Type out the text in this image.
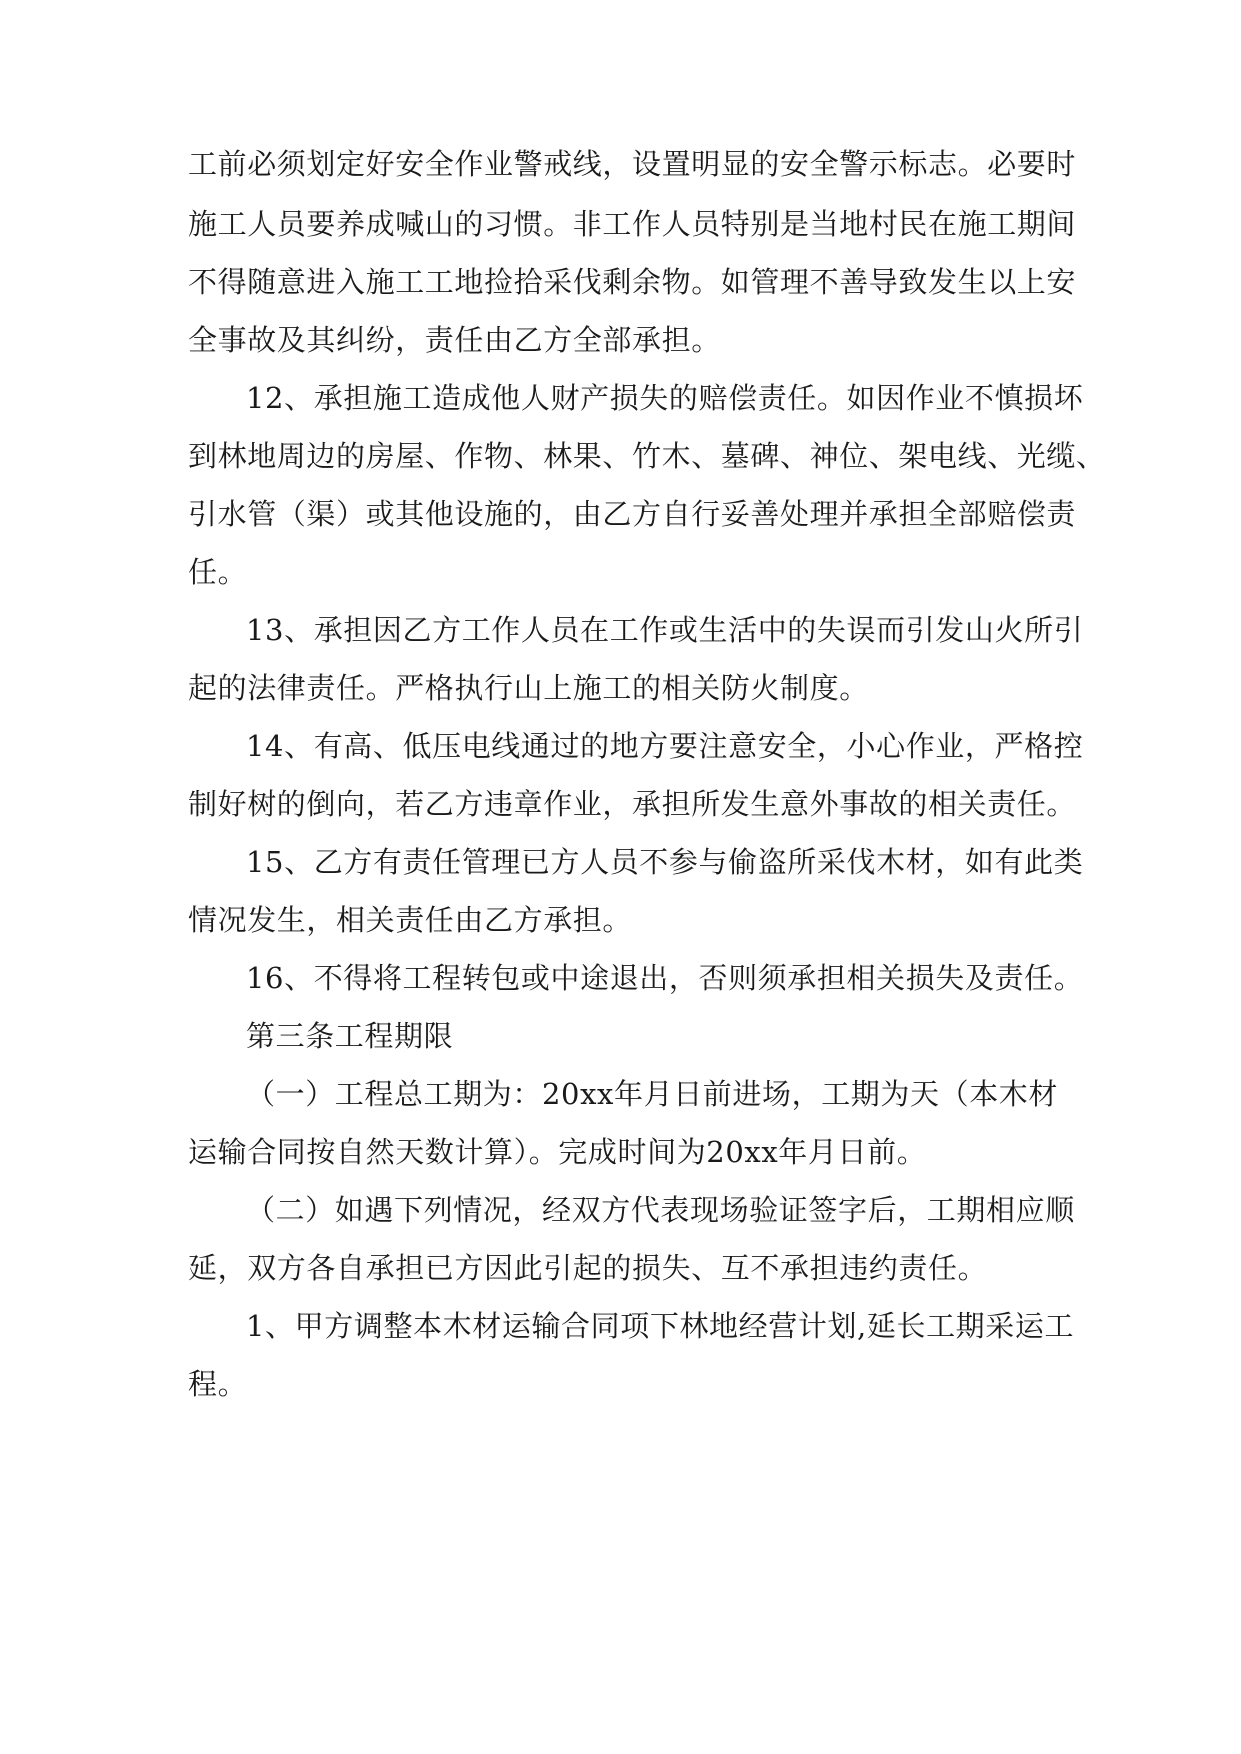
工前必须划定好安全作业警戒线，设置明显的安全警示标志。必要时
施工人员要养成喊山的习惯。非工作人员特别是当地村民在施工期间
不得随意进入施工工地捡拾采伐剩余物。如管理不善导致发生以上安
全事故及其纠纷，责任由乙方全部承担。
12、承担施工造成他人财产损失的赔偿责任。如因作业不慎损坏
到林地周边的房屋、作物、林果、竹木、墓碑、神位、架电线、光缆、
引水管（渠）或其他设施的，由乙方自行妥善处理并承担全部赔偿责
任。
13、承担因乙方工作人员在工作或生活中的失误而引发山火所引
起的法律责任。严格执行山上施工的相关防火制度。
14、有高、低压电线通过的地方要注意安全，小心作业，严格控
制好树的倒向，若乙方违章作业，承担所发生意外事故的相关责任。
15、乙方有责任管理已方人员不参与偷盗所采伐木材，如有此类
情况发生，相关责任由乙方承担。
16、不得将工程转包或中途退出，否则须承担相关损失及责任。
第三条工程期限
（一）工程总工期为：20xx年月日前进场，工期为天（本木材
运输合同按自然天数计算）。完成时间为20xx年月日前。
（二）如遇下列情况，经双方代表现场验证签字后，工期相应顺
延，双方各自承担已方因此引起的损失、互不承担违约责任。
1、甲方调整本木材运输合同项下林地经营计划,延长工期采运工
程。
